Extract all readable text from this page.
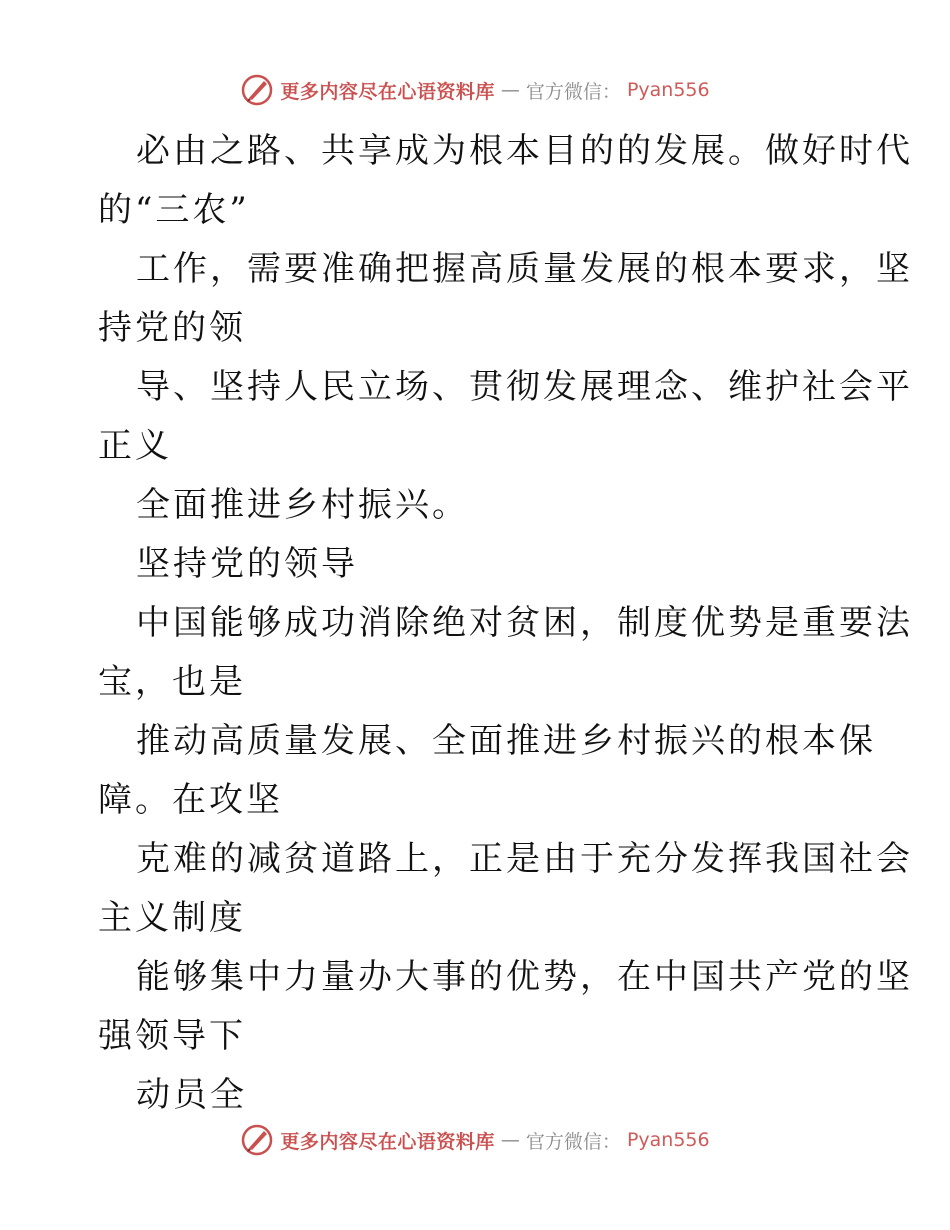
更多内容尽在心语资料库 — 官方微信： Pyan556
必由之路、共享成为根本目的的发展。做好时代
的“三农”
工作，需要准确把握高质量发展的根本要求，坚
持党的领
导、坚持人民立场、贯彻发展理念、维护社会平
正义
全面推进乡村振兴。
坚持党的领导
中国能够成功消除绝对贫困，制度优势是重要法
宝，也是
推动高质量发展、全面推进乡村振兴的根本保
障。在攻坚
克难的减贫道路上，正是由于充分发挥我国社会
主义制度
能够集中力量办大事的优势，在中国共产党的坚
强领导下
动员全
更多内容尽在心语资料库 — 官方微信： Pyan556
